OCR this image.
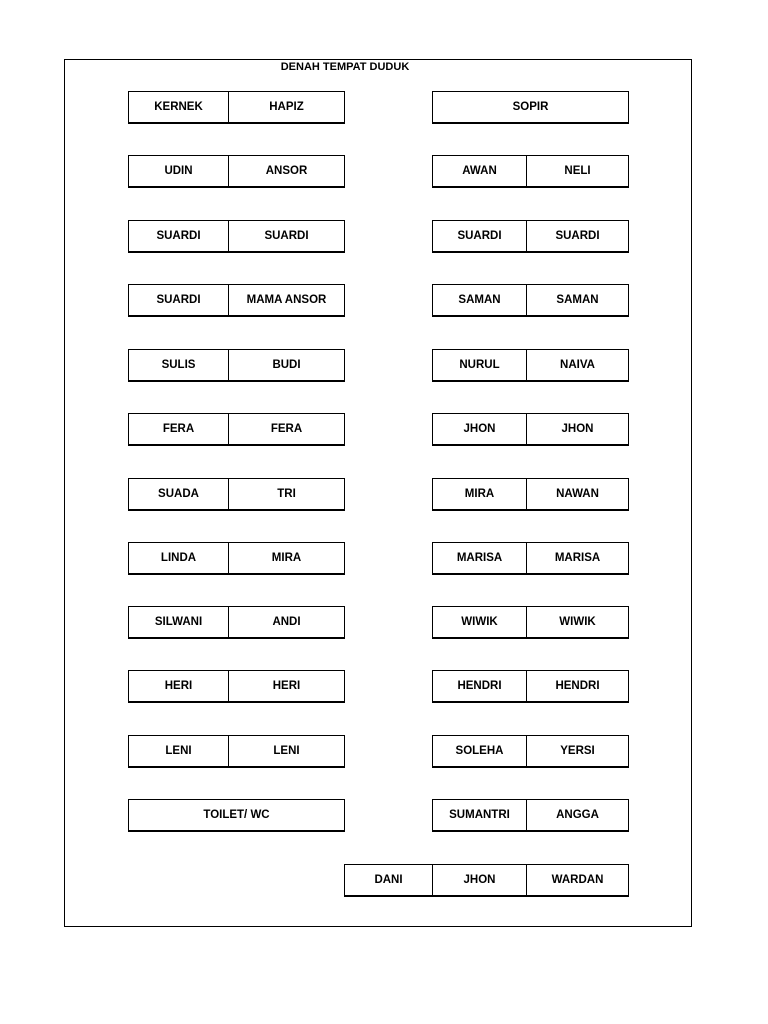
DENAH TEMPAT DUDUK
KERNEK	HAPIZ	SOPIR
UDIN	ANSOR	AWAN	NELI
SUARDI	SUARDI	SUARDI	SUARDI
SUARDI	MAMA ANSOR	SAMAN	SAMAN
SULIS	BUDI	NURUL	NAIVA
FERA	FERA	JHON	JHON
SUADA	TRI	MIRA	NAWAN
LINDA	MIRA	MARISA	MARISA
SILWANI	ANDI	WIWIK	WIWIK
HERI	HERI	HENDRI	HENDRI
LENI	LENI	SOLEHA	YERSI
TOILET/ WC	SUMANTRI	ANGGA
DANI	JHON	WARDAN
